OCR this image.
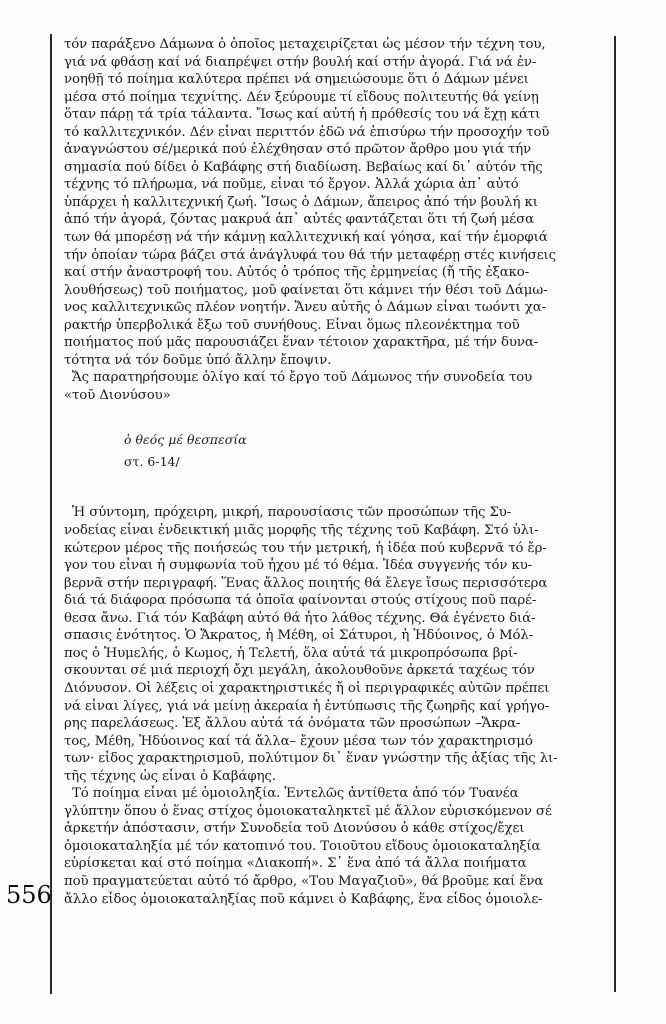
556
τόν παράξενο Δάμωνα ὁ ὁποῖος μεταχειρίζεται ὡς μέσον τήν τέχνη του,
γιά νά φθάσῃ καί νά διαπρέψει στήν βουλή καί στήν ἀγορά. Γιά νά ἐν-
νοηθῇ τό ποίημα καλύτερα πρέπει νά σημειώσουμε ὅτι ὁ Δάμων μένει
μέσα στό ποίημα τεχνίτης. Δέν ξεύρουμε τί εἴδους πολιτευτής θά γείνῃ
ὅταν πάρῃ τά τρία τάλαντα. Ἴσως καί αὐτή ἡ πρόθεσίς του νά ἔχῃ κάτι
τό καλλιτεχνικόν. Δέν εἶναι περιττόν ἐδῶ νά ἐπισύρω τήν προσοχήν τοῦ
ἀναγνώστου σέ/μερικά πού ἐλέχθησαν στό πρῶτον ἄρθρο μου γιά τήν
σημασία πού δίδει ὁ Καβάφης στή διαδίωση. Βεβαίως καί δι᾽ αὐτόν τῆς
τέχνης τό πλήρωμα, νά ποῦμε, εἶναι τό ἔργον. Ἀλλά χώρια ἀπ᾽ αὐτό
ὑπάρχει ἡ καλλιτεχνική ζωή. Ἴσως ὁ Δάμων, ἄπειρος ἀπό τήν βουλή κι
ἀπό τήν ἀγορά, ζόντας μακρυά ἀπ᾽ αὐτές φαντάζεται ὅτι τή ζωή μέσα
των θά μπορέσῃ νά τήν κάμνῃ καλλιτεχνική καί γόησα, καί τήν ἐμορφιά
τήν ὁποίαν τώρα βάζει στά ἀνάγλυφά του θά τήν μεταφέρῃ στές κινήσεις
καί στήν ἀναστροφή του. Αὐτός ὁ τρόπος τῆς ἑρμηνείας (ἤ τῆς ἐξακο-
λουθήσεως) τοῦ ποιήματος, μοῦ φαίνεται ὅτι κάμνει τήν θέσι τοῦ Δάμω-
νος καλλιτεχνικῶς πλέον νοητήν. Ἄνευ αὐτῆς ὁ Δάμων εἶναι τωόντι χα-
ρακτήρ ὑπερβολικά ἔξω τοῦ συνήθους. Εἶναι ὅμως πλεονέκτημα τοῦ
ποιήματος πού μᾶς παρουσιάζει ἕναν τέτοιον χαρακτῆρα, μέ τήν δυνα-
τότητα νά τόν δοῦμε ὑπό ἄλλην ἔποψιν.
Ἄς παρατηρήσουμε ὀλίγο καί τό ἔργο τοῦ Δάμωνος τήν συνοδεία του
«τοῦ Διονύσου»
ὁ θεός μέ θεσπεσία
στ. 6-14/
Ἡ σύντομη, πρόχειρη, μικρή, παρουσίασις τῶν προσώπων τῆς Συ-
νοδείας εἶναι ἐνδεικτική μιᾶς μορφῆς τῆς τέχνης τοῦ Καβάφη. Στό ὑλι-
κώτερον μέρος τῆς ποιήσεώς του τήν μετρική, ἡ ἰδέα πού κυβερνᾶ τό ἔρ-
γον του εἶναι ἡ συμφωνία τοῦ ἦχου μέ τό θέμα. Ἰδέα συγγενής τόν κυ-
βερνᾶ στήν περιγραφή. Ἕνας ἄλλος ποιητής θά ἔλεγε ἴσως περισσότερα
διά τά διάφορα πρόσωπα τά ὁποῖα φαίνονται στούς στίχους ποῦ παρέ-
θεσα ἄνω. Γιά τόν Καβάφη αὐτό θά ἦτο λάθος τέχνης. Θά ἐγένετο διά-
σπασις ἑνότητος. Ὁ Ἄκρατος, ἡ Μέθη, οἱ Σάτυροι, ἡ Ἡδύοινος, ὁ Μόλ-
πος ὁ Ἡυμελής, ὁ Κωμος, ἡ Τελετή, ὅλα αὐτά τά μικροπρόσωπα βρί-
σκουνται σέ μιά περιοχή ὄχι μεγάλη, ἀκολουθοῦνε ἀρκετά ταχέως τόν
Διόνυσον. Οἱ λέξεις οἱ χαρακτηριστικές ἤ οἱ περιγραφικές αὐτῶν πρέπει
νά εἶναι λίγες, γιά νά μείνῃ ἀκεραία ἡ ἐντύπωσις τῆς ζωηρῆς καί γρήγο-
ρης παρελάσεως. Ἐξ ἄλλου αὐτά τά ὀνόματα τῶν προσώπων –Ἄκρα-
τος, Μέθη, Ἡδύοινος καί τά ἄλλα– ἔχουν μέσα των τόν χαρακτηρισμό
των· εἶδος χαρακτηρισμοῦ, πολύτιμον δι᾽ ἕναν γνώστην τῆς ἀξίας τῆς λι-
τῆς τέχνης ὡς εἶναι ὁ Καβάφης.
Τό ποίημα εἶναι μέ ὁμοιοληξία. Ἐντελῶς ἀντίθετα ἀπό τόν Τυανέα
γλύπτην ὅπου ὁ ἕνας στίχος ὁμοιοκαταληκτεῖ μέ ἄλλον εὑρισκόμενον σέ
ἀρκετήν ἀπόστασιν, στήν Συνοδεία τοῦ Διονύσου ὁ κάθε στίχος/ἔχει
ὁμοιοκαταληξία μέ τόν κατοπινό του. Τοιοῦτου εἴδους ὁμοιοκαταληξία
εὑρίσκεται καί στό ποίημα «Διακοπή». Σ᾽ ἕνα ἀπό τά ἄλλα ποιήματα
ποῦ πραγματεύεται αὐτό τό ἄρθρο, «Του Μαγαζιοῦ», θά βροῦμε καί ἕνα
ἄλλο εἶδος ὁμοιοκαταληξίας ποῦ κάμνει ὁ Καβάφης, ἕνα εἶδος ὁμοιολε-
